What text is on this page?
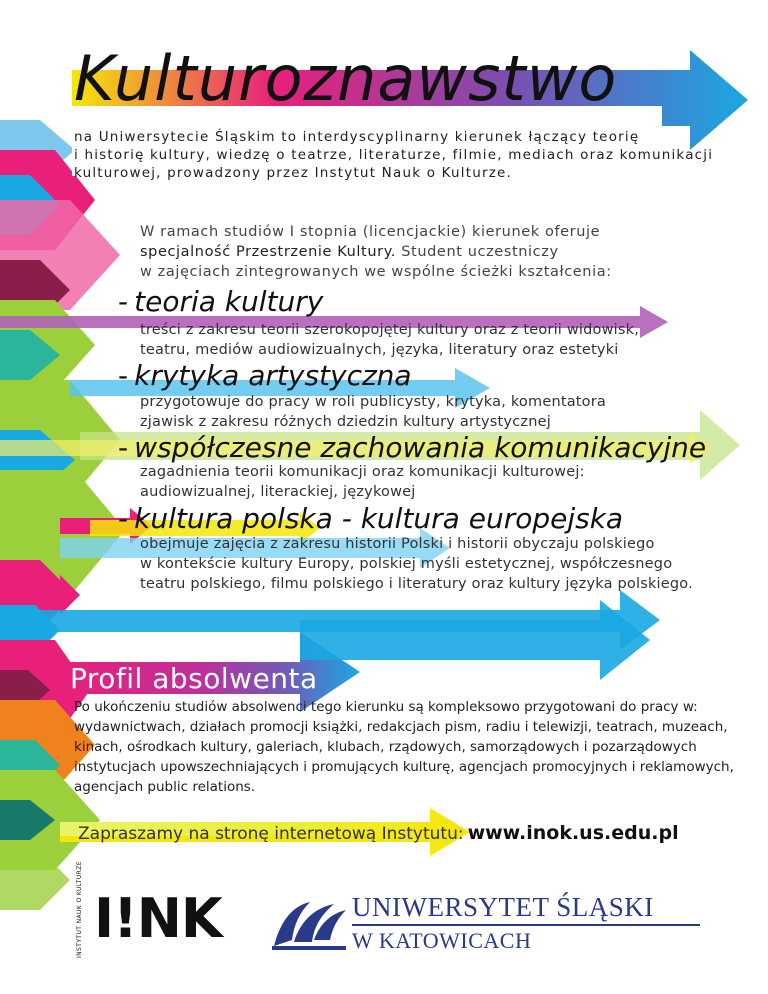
Kulturoznawstwo
na Uniwersytecie Śląskim to interdyscyplinarny kierunek łączący teorię
i historię kultury, wiedzę o teatrze, literaturze, filmie, mediach oraz komunikacji
kulturowej, prowadzony przez Instytut Nauk o Kulturze.
W ramach studiów I stopnia (licencjackie) kierunek oferuje
specjalność Przestrzenie Kultury. Student uczestniczy
w zajęciach zintegrowanych we wspólne ścieżki kształcenia:
- teoria kultury
treści z zakresu teorii szerokopojętej kultury oraz z teorii widowisk,
teatru, mediów audiowizualnych, języka, literatury oraz estetyki
- krytyka artystyczna
przygotowuje do pracy w roli publicysty, krytyka, komentatora
zjawisk z zakresu różnych dziedzin kultury artystycznej
- współczesne zachowania komunikacyjne
zagadnienia teorii komunikacji oraz komunikacji kulturowej:
audiowizualnej, literackiej, językowej
- kultura polska - kultura europejska
obejmuje zajęcia z zakresu historii Polski i historii obyczaju polskiego
w kontekście kultury Europy, polskiej myśli estetycznej, współczesnego
teatru polskiego, filmu polskiego i literatury oraz kultury języka polskiego.
Profil absolwenta
Po ukończeniu studiów absolwenci tego kierunku są kompleksowo przygotowani do pracy w:
wydawnictwach, działach promocji książki, redakcjach pism, radiu i telewizji, teatrach, muzeach,
kinach, ośrodkach kultury, galeriach, klubach, rządowych, samorządowych i pozarządowych
instytucjach upowszechniających i promujących kulturę, agencjach promocyjnych i reklamowych,
agencjach public relations.
Zapraszamy na stronę internetową Instytutu: www.inok.us.edu.pl
INSTYTUT NAUK O KULTURZE I!NK	UNIWERSYTET ŚLĄSKI
W KATOWICACH
